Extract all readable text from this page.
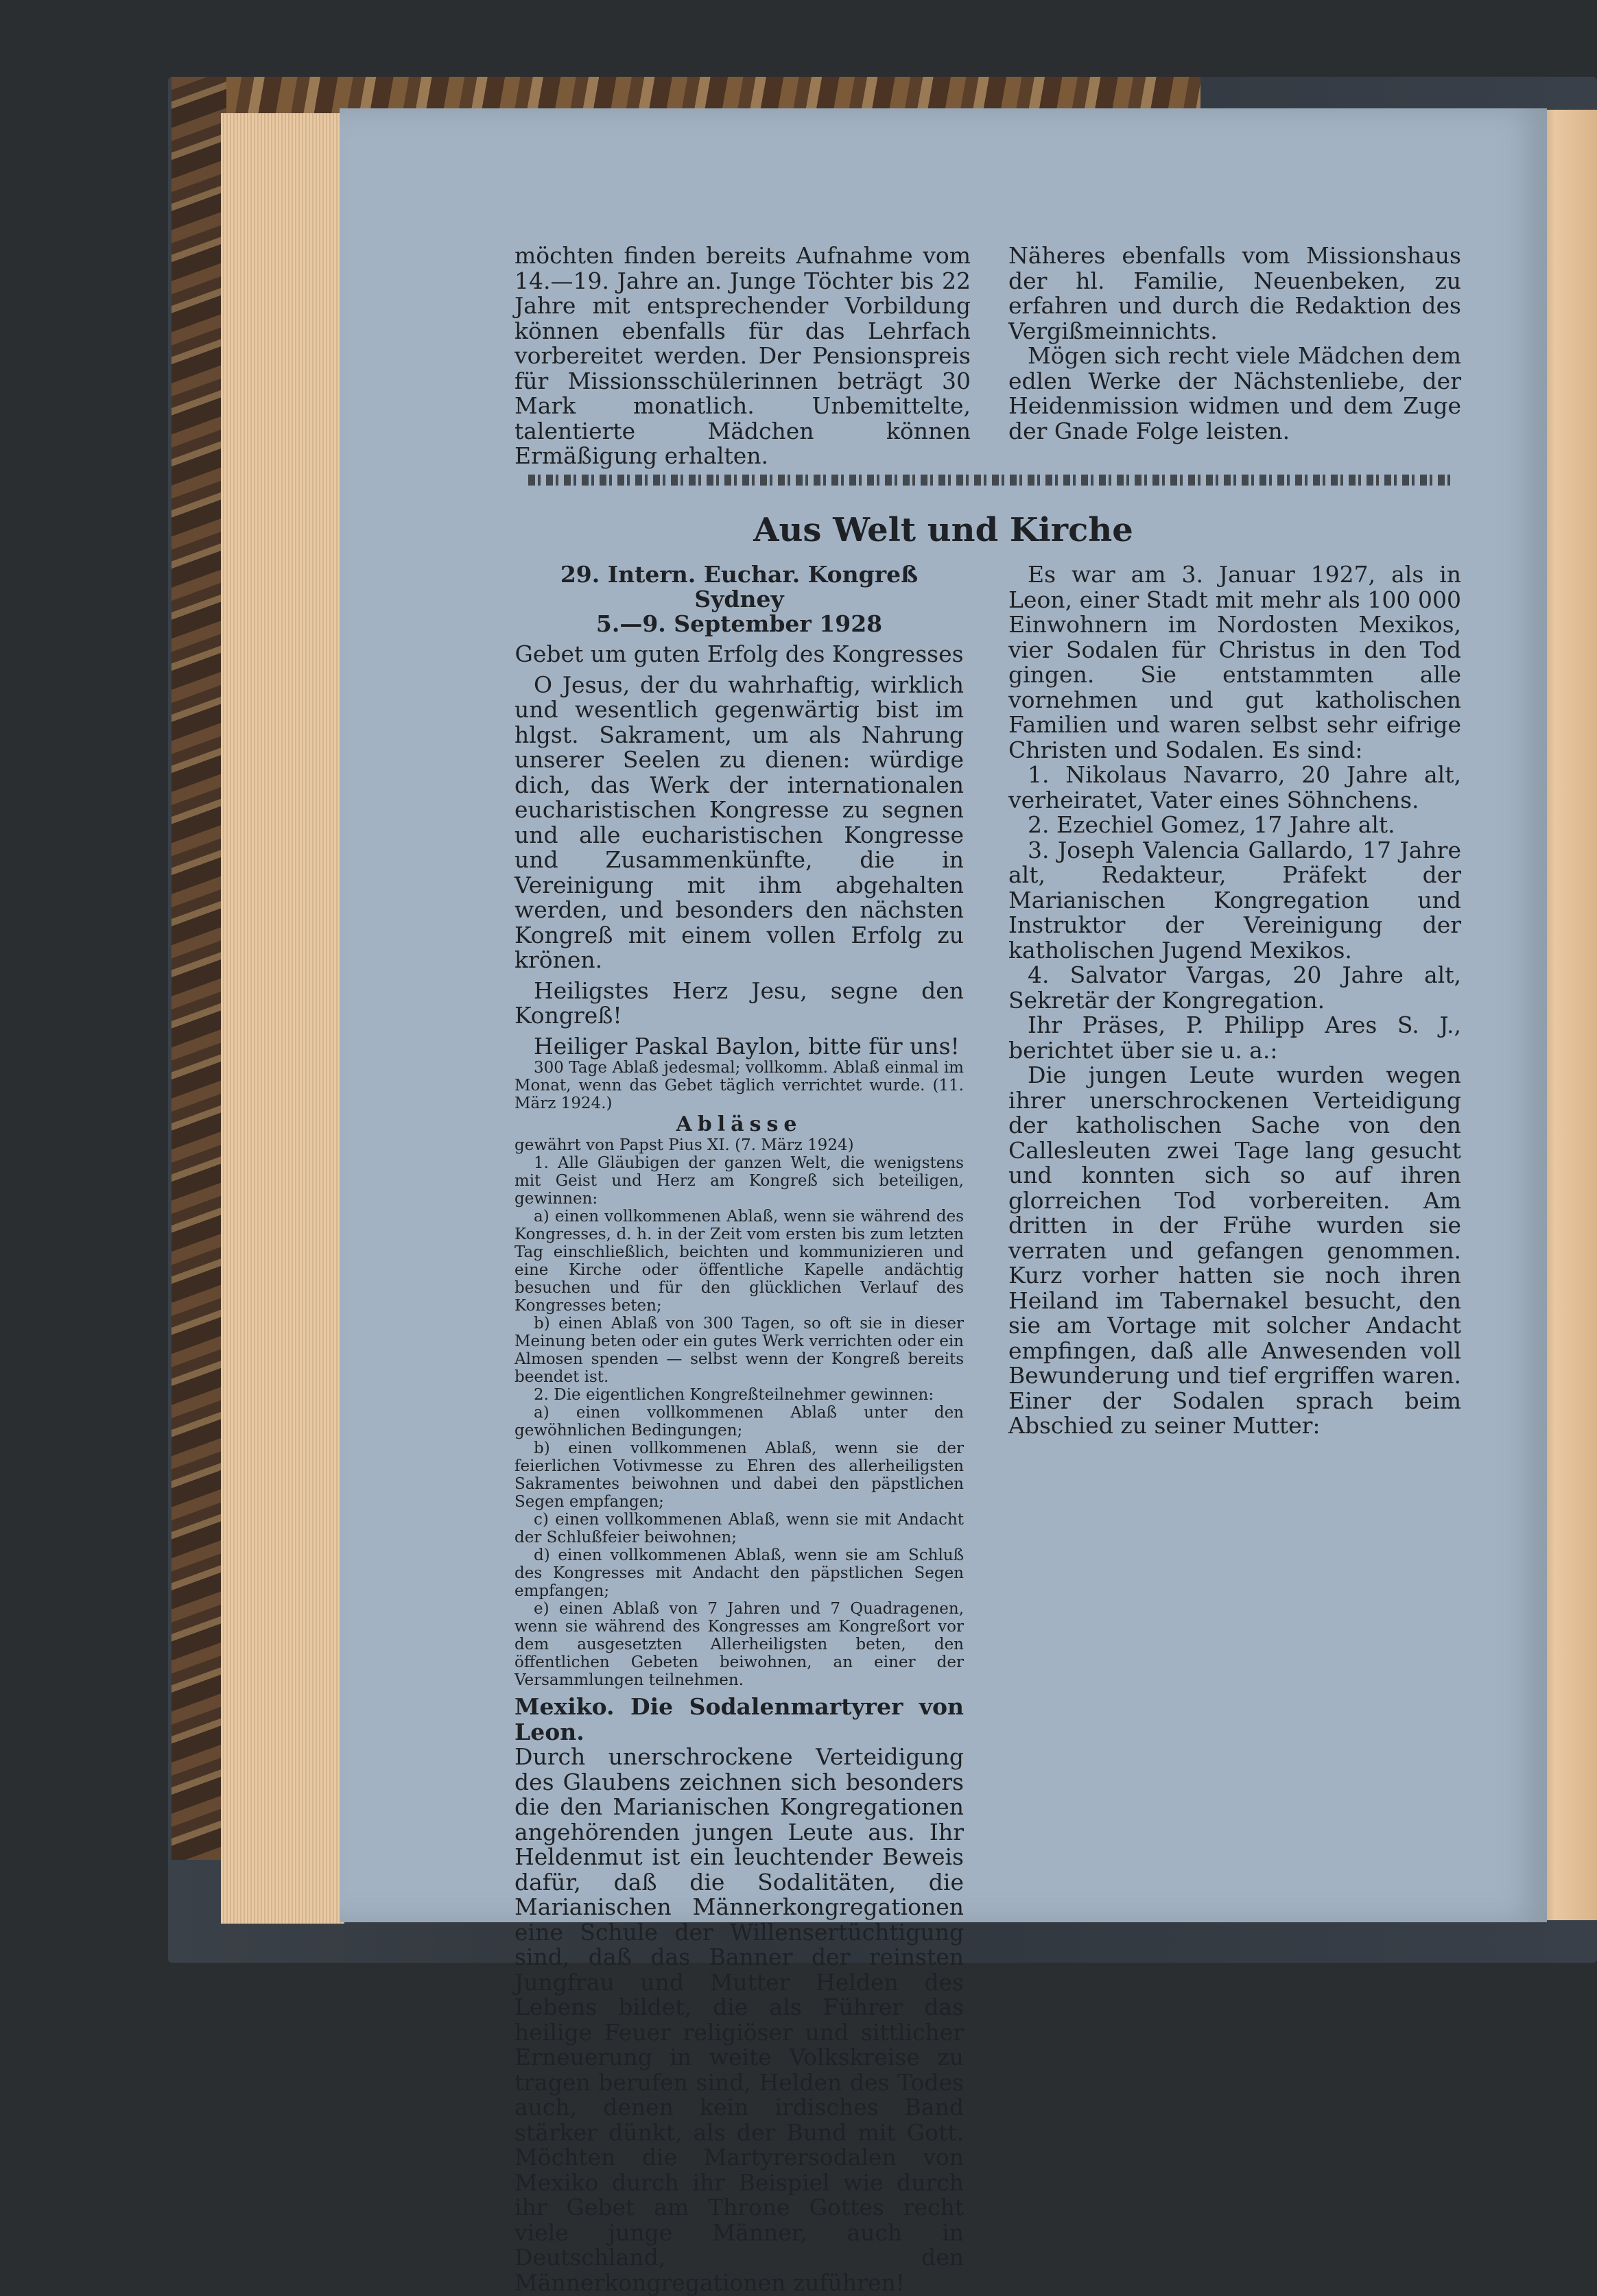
möchten finden bereits Aufnahme vom 14.—19. Jahre an. Junge Töchter bis 22 Jahre mit entsprechender Vorbildung können ebenfalls für das Lehrfach vorbereitet werden. Der Pensionspreis für Missionsschülerinnen beträgt 30 Mark monatlich. Unbemittelte, talentierte Mädchen können Ermäßigung erhalten.

Näheres ebenfalls vom Missionshaus der hl. Familie, Neuenbeken, zu erfahren und durch die Redaktion des Vergißmeinnichts.

Mögen sich recht viele Mädchen dem edlen Werke der Nächstenliebe, der Heidenmission widmen und dem Zuge der Gnade Folge leisten.

Aus Welt und Kirche

29. Intern. Euchar. Kongreß Sydney

5.—9. September 1928

Gebet um guten Erfolg des Kongresses

O Jesus, der du wahrhaftig, wirklich und wesentlich gegenwärtig bist im hlgst. Sakrament, um als Nahrung unserer Seelen zu dienen: würdige dich, das Werk der internationalen eucharistischen Kongresse zu segnen und alle eucharistischen Kongresse und Zusammenkünfte, die in Vereinigung mit ihm abgehalten werden, und besonders den nächsten Kongreß mit einem vollen Erfolg zu krönen.

Heiligstes Herz Jesu, segne den Kongreß!

Heiliger Paskal Baylon, bitte für uns!

300 Tage Ablaß jedesmal; vollkomm. Ablaß einmal im Monat, wenn das Gebet täglich verrichtet wurde. (11. März 1924.)

Ablässe

gewährt von Papst Pius XI. (7. März 1924)

1. Alle Gläubigen der ganzen Welt, die wenigstens mit Geist und Herz am Kongreß sich beteiligen, gewinnen:

a) einen vollkommenen Ablaß, wenn sie während des Kongresses, d. h. in der Zeit vom ersten bis zum letzten Tag einschließlich, beichten und kommunizieren und eine Kirche oder öffentliche Kapelle andächtig besuchen und für den glücklichen Verlauf des Kongresses beten;

b) einen Ablaß von 300 Tagen, so oft sie in dieser Meinung beten oder ein gutes Werk verrichten oder ein Almosen spenden — selbst wenn der Kongreß bereits beendet ist.

2. Die eigentlichen Kongreßteilnehmer gewinnen:

a) einen vollkommenen Ablaß unter den gewöhnlichen Bedingungen;

b) einen vollkommenen Ablaß, wenn sie der feierlichen Votivmesse zu Ehren des allerheiligsten Sakramentes beiwohnen und dabei den päpstlichen Segen empfangen;

c) einen vollkommenen Ablaß, wenn sie mit Andacht der Schlußfeier beiwohnen;

d) einen vollkommenen Ablaß, wenn sie am Schluß des Kongresses mit Andacht den päpstlichen Segen empfangen;

e) einen Ablaß von 7 Jahren und 7 Quadragenen, wenn sie während des Kongresses am Kongreßort vor dem ausgesetzten Allerheiligsten beten, den öffentlichen Gebeten beiwohnen, an einer der Versammlungen teilnehmen.

Mexiko. Die Sodalenmartyrer von Leon.

Durch unerschrockene Verteidigung des Glaubens zeichnen sich besonders die den Marianischen Kongregationen angehörenden jungen Leute aus. Ihr Heldenmut ist ein leuchtender Beweis dafür, daß die Sodalitäten, die Marianischen Männerkongregationen eine Schule der Willensertüchtigung sind, daß das Banner der reinsten Jungfrau und Mutter Helden des Lebens bildet, die als Führer das heilige Feuer religiöser und sittlicher Erneuerung in weite Volkskreise zu tragen berufen sind, Helden des Todes auch, denen kein irdisches Band stärker dünkt, als der Bund mit Gott. Möchten die Martyrersodalen von Mexiko durch ihr Beispiel wie durch ihr Gebet am Throne Gottes recht viele junge Männer, auch in Deutschland, den Männerkongregationen zuführen!

Es war am 3. Januar 1927, als in Leon, einer Stadt mit mehr als 100 000 Einwohnern im Nordosten Mexikos, vier Sodalen für Christus in den Tod gingen. Sie entstammten alle vornehmen und gut katholischen Familien und waren selbst sehr eifrige Christen und Sodalen. Es sind:

1. Nikolaus Navarro, 20 Jahre alt, verheiratet, Vater eines Söhnchens.

2. Ezechiel Gomez, 17 Jahre alt.

3. Joseph Valencia Gallardo, 17 Jahre alt, Redakteur, Präfekt der Marianischen Kongregation und Instruktor der Vereinigung der katholischen Jugend Mexikos.

4. Salvator Vargas, 20 Jahre alt, Sekretär der Kongregation.

Ihr Präses, P. Philipp Ares S. J., berichtet über sie u. a.:

Die jungen Leute wurden wegen ihrer unerschrockenen Verteidigung der katholischen Sache von den Callesleuten zwei Tage lang gesucht und konnten sich so auf ihren glorreichen Tod vorbereiten. Am dritten in der Frühe wurden sie verraten und gefangen genommen. Kurz vorher hatten sie noch ihren Heiland im Tabernakel besucht, den sie am Vortage mit solcher Andacht empfingen, daß alle Anwesenden voll Bewunderung und tief ergriffen waren. Einer der Sodalen sprach beim Abschied zu seiner Mutter:
